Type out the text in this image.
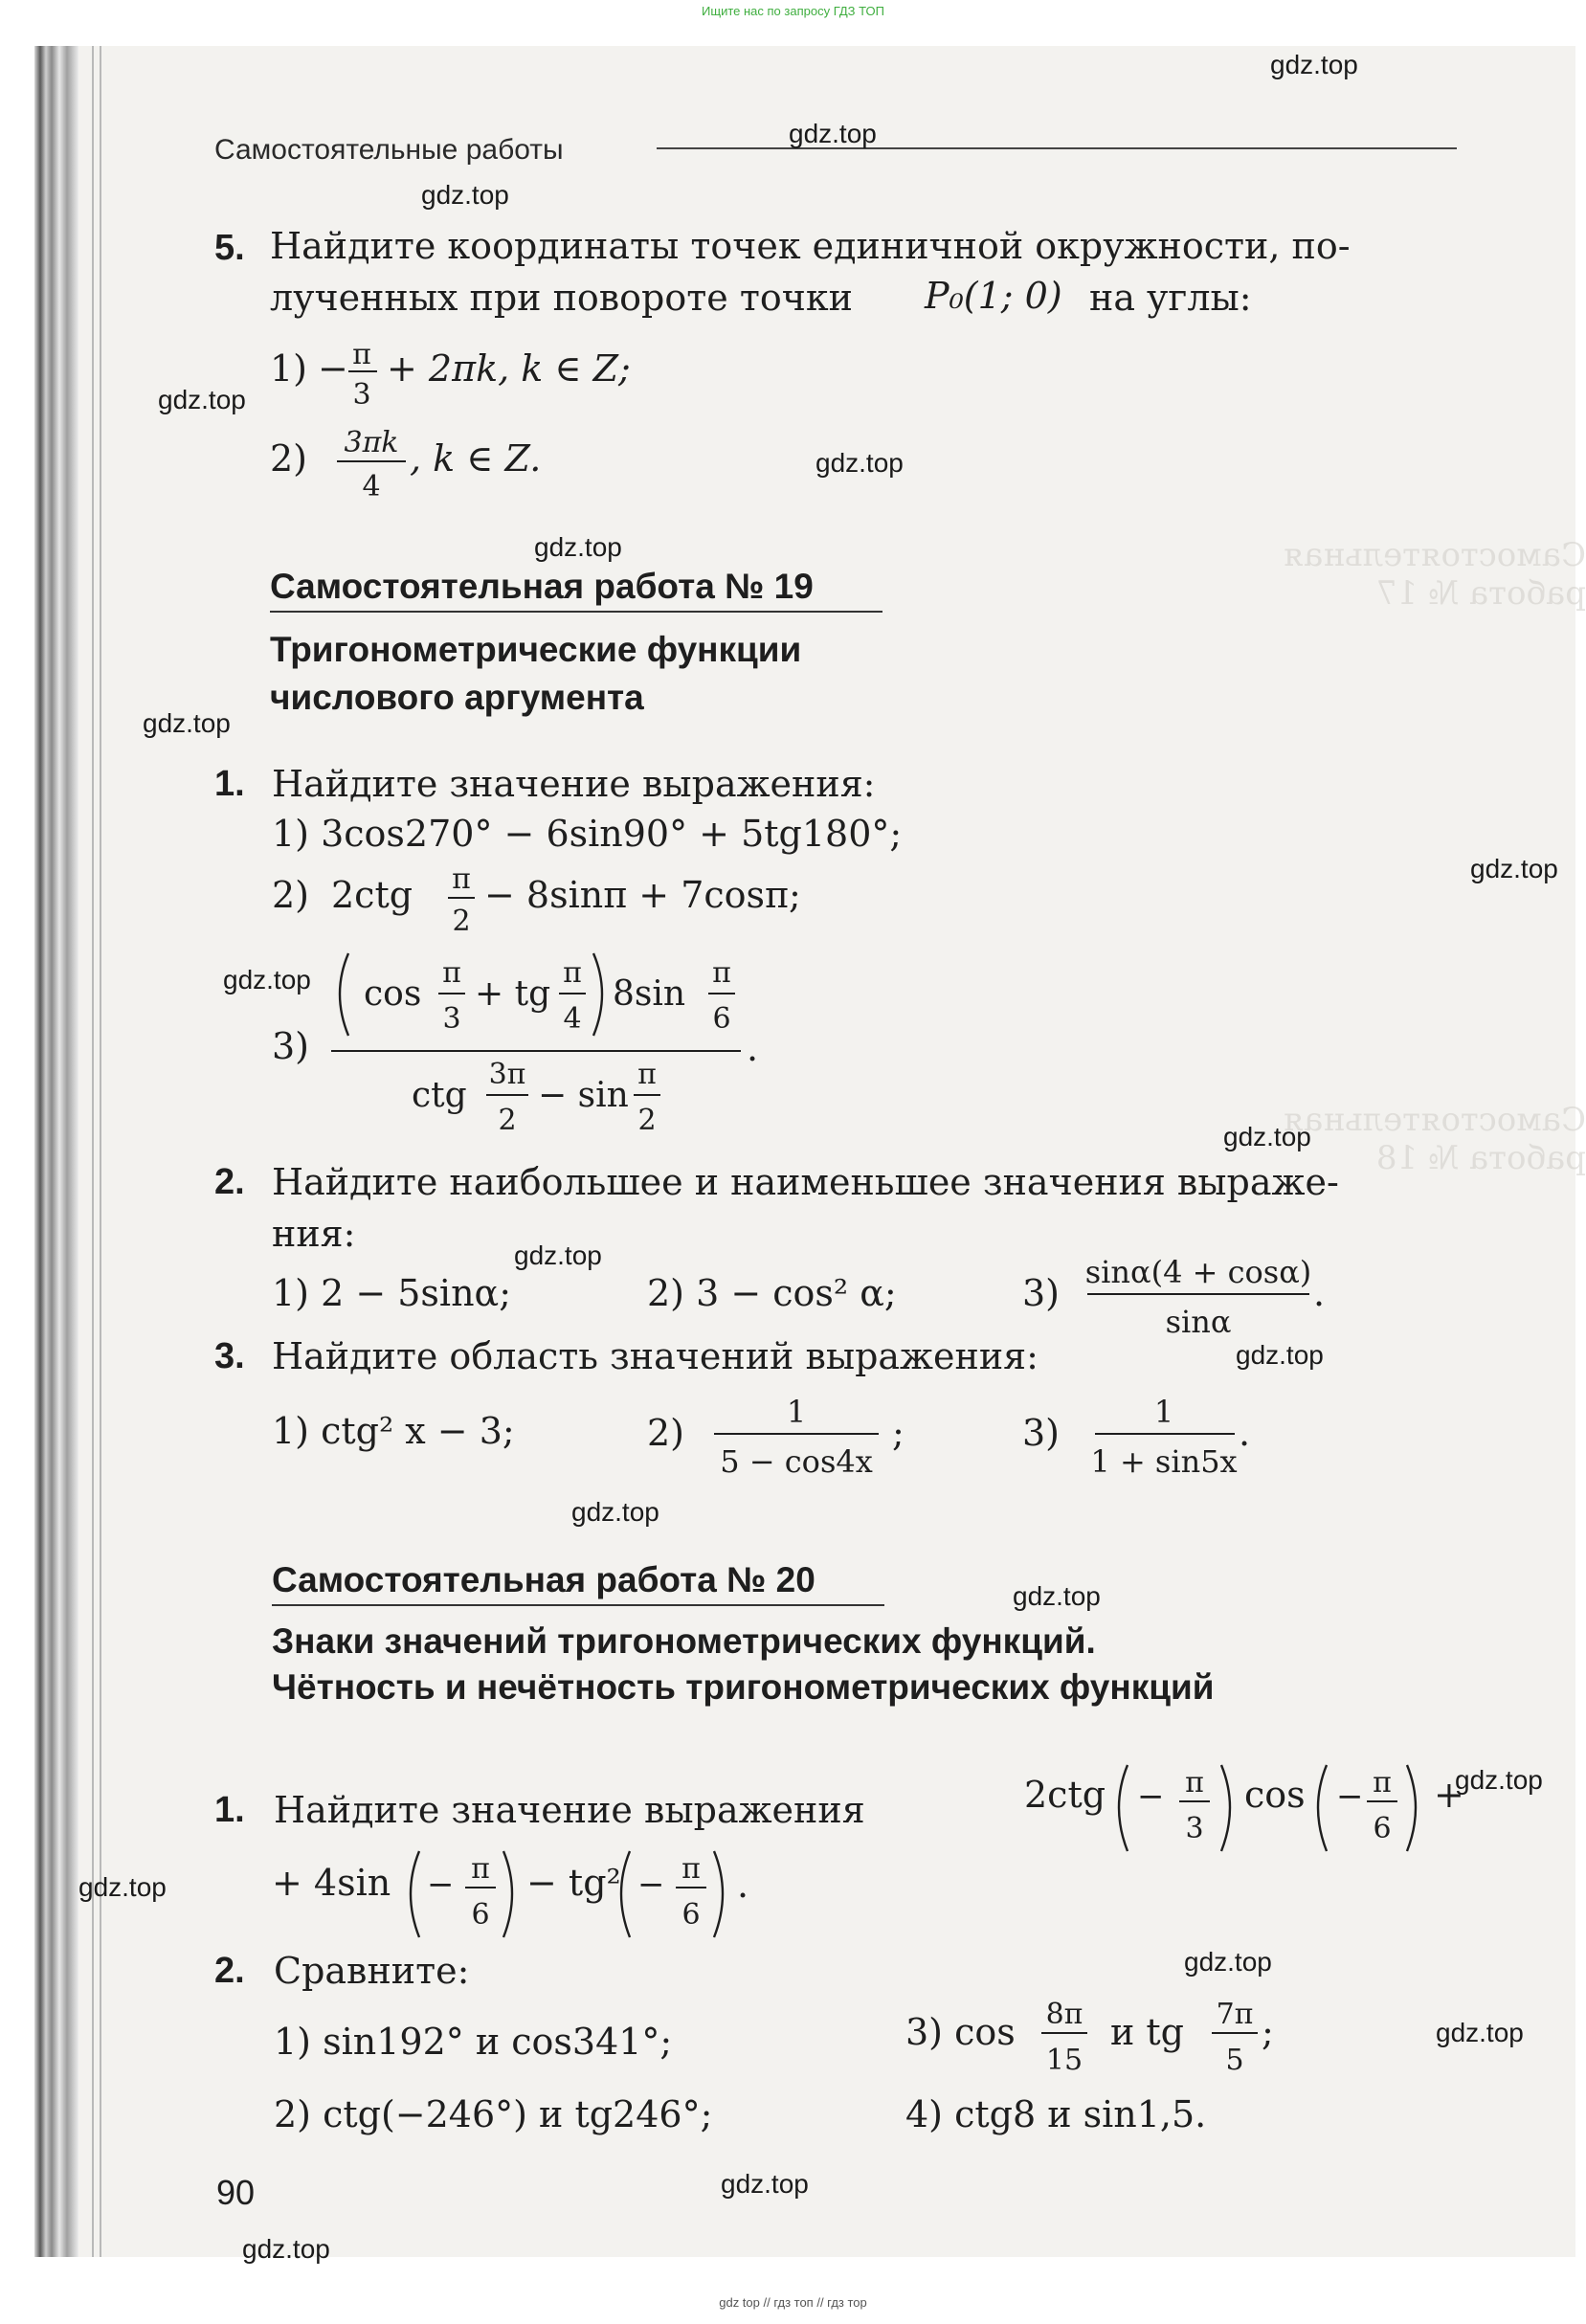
Ищите нас по запросу ГДЗ ТОП
Самостоятельная работа № 17
Самостоятельная работа № 18
Самостоятельные работы
5. Найдите координаты точек единичной окружности, по-
лученных при повороте точки P₀(1; 0) на углы:
1) − π
3
+ 2πk, k ∈ Z;
2) 3πk
4
, k ∈ Z.
Самостоятельная работа № 19
Тригонометрические функции
числового аргумента
1. Найдите значение выражения:
1) 3cos270° − 6sin90° + 5tg180°;
2) 2ctg π
2
− 8sinπ + 7cosπ;
3)
cos
π
3
+ tg
π
4
8sin
π
6
ctg
3π
2
− sin
π
2
.
2. Найдите наибольшее и наименьшее значения выраже-
ния:
1) 2 − 5sinα;	2) 3 − cos² α;	3) sinα(4 + cosα)
sinα
.
3. Найдите область значений выражения:
1) ctg² x − 3;	2)	1
5 − cos4x
;	3)	1
1 + sin5x
.
Самостоятельная работа № 20
Знаки значений тригонометрических функций.
Чётность и нечётность тригонометрических функций
1. Найдите значение выражения	2ctg − π
3
cos − π
6
+
+ 4sin − π
6
− tg² − π
6
.
2. Сравните:
1) sin192° и cos341°;
2) ctg(−246°) и tg246°;
3) cos 8π
15
и tg 7π
5
;
4) ctg8 и sin1,5.
90
gdz.top
gdz.top
gdz.top
gdz.top
gdz.top
gdz.top
gdz.top
gdz.top
gdz.top
gdz.top
gdz.top
gdz.top
gdz.top
gdz.top
gdz.top
gdz.top
gdz.top
gdz.top
gdz.top
gdz.top
gdz top // гдз топ // гдз тор
